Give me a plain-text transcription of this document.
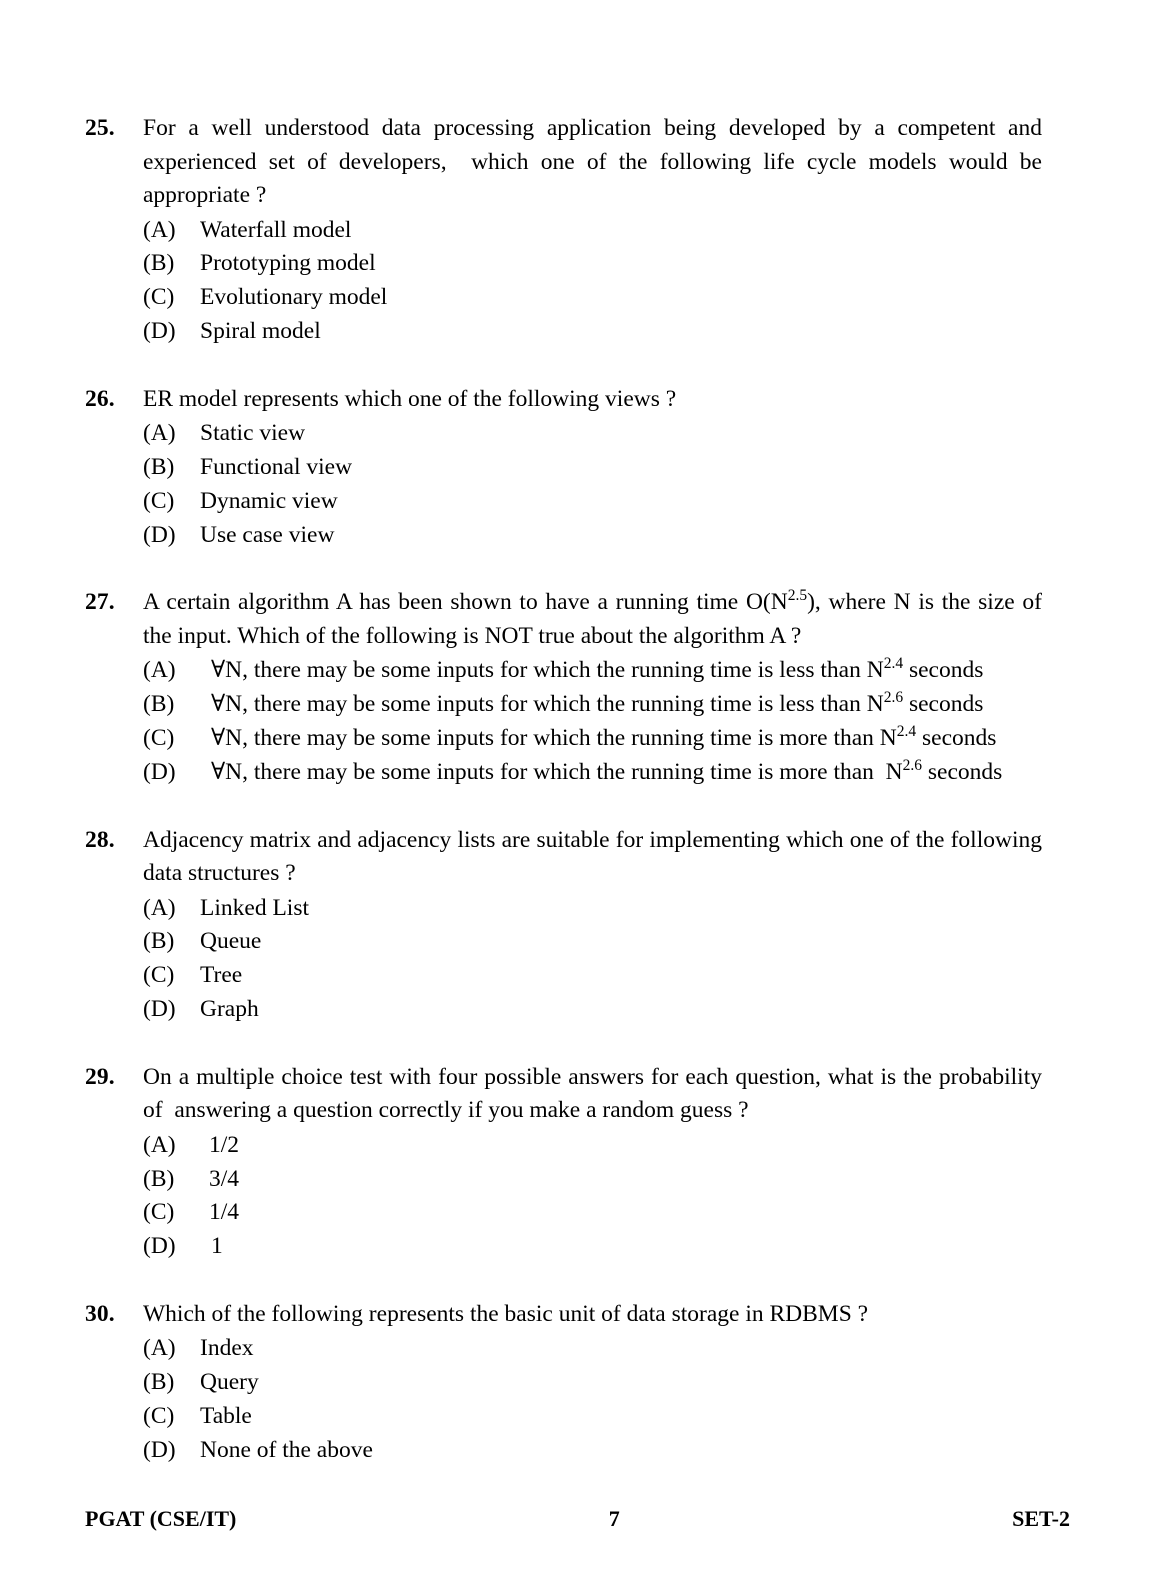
25.	For a well understood data processing application being developed by a competent and experienced set of developers,  which one of the following life cycle models would be appropriate ?
(A)	Waterfall model
(B)	Prototyping model
(C)	Evolutionary model
(D)	Spiral model
26.	ER model represents which one of the following views ?
(A)	Static view
(B)	Functional view
(C)	Dynamic view
(D)	Use case view
27.	A certain algorithm A has been shown to have a running time $O(N^{2.5})$, where N is the size of the input. Which of the following is NOT true about the algorithm A ?
(A)	∀N, there may be some inputs for which the running time is less than $N^{2.4}$ seconds
(B)	∀N, there may be some inputs for which the running time is less than $N^{2.6}$ seconds
(C)	∀N, there may be some inputs for which the running time is more than $N^{2.4}$ seconds
(D)	∀N, there may be some inputs for which the running time is more than  $N^{2.6}$ seconds
28.	Adjacency matrix and adjacency lists are suitable for implementing which one of the following data structures ?
(A)	Linked List
(B)	Queue
(C)	Tree
(D)	Graph
29.	On a multiple choice test with four possible answers for each question, what is the probability of  answering a question correctly if you make a random guess ?
(A)	1/2
(B)	3/4
(C)	1/4
(D)	1
30.	Which of the following represents the basic unit of data storage in RDBMS ?
(A)	Index
(B)	Query
(C)	Table
(D)	None of the above
PGAT (CSE/IT)	7	SET-2
